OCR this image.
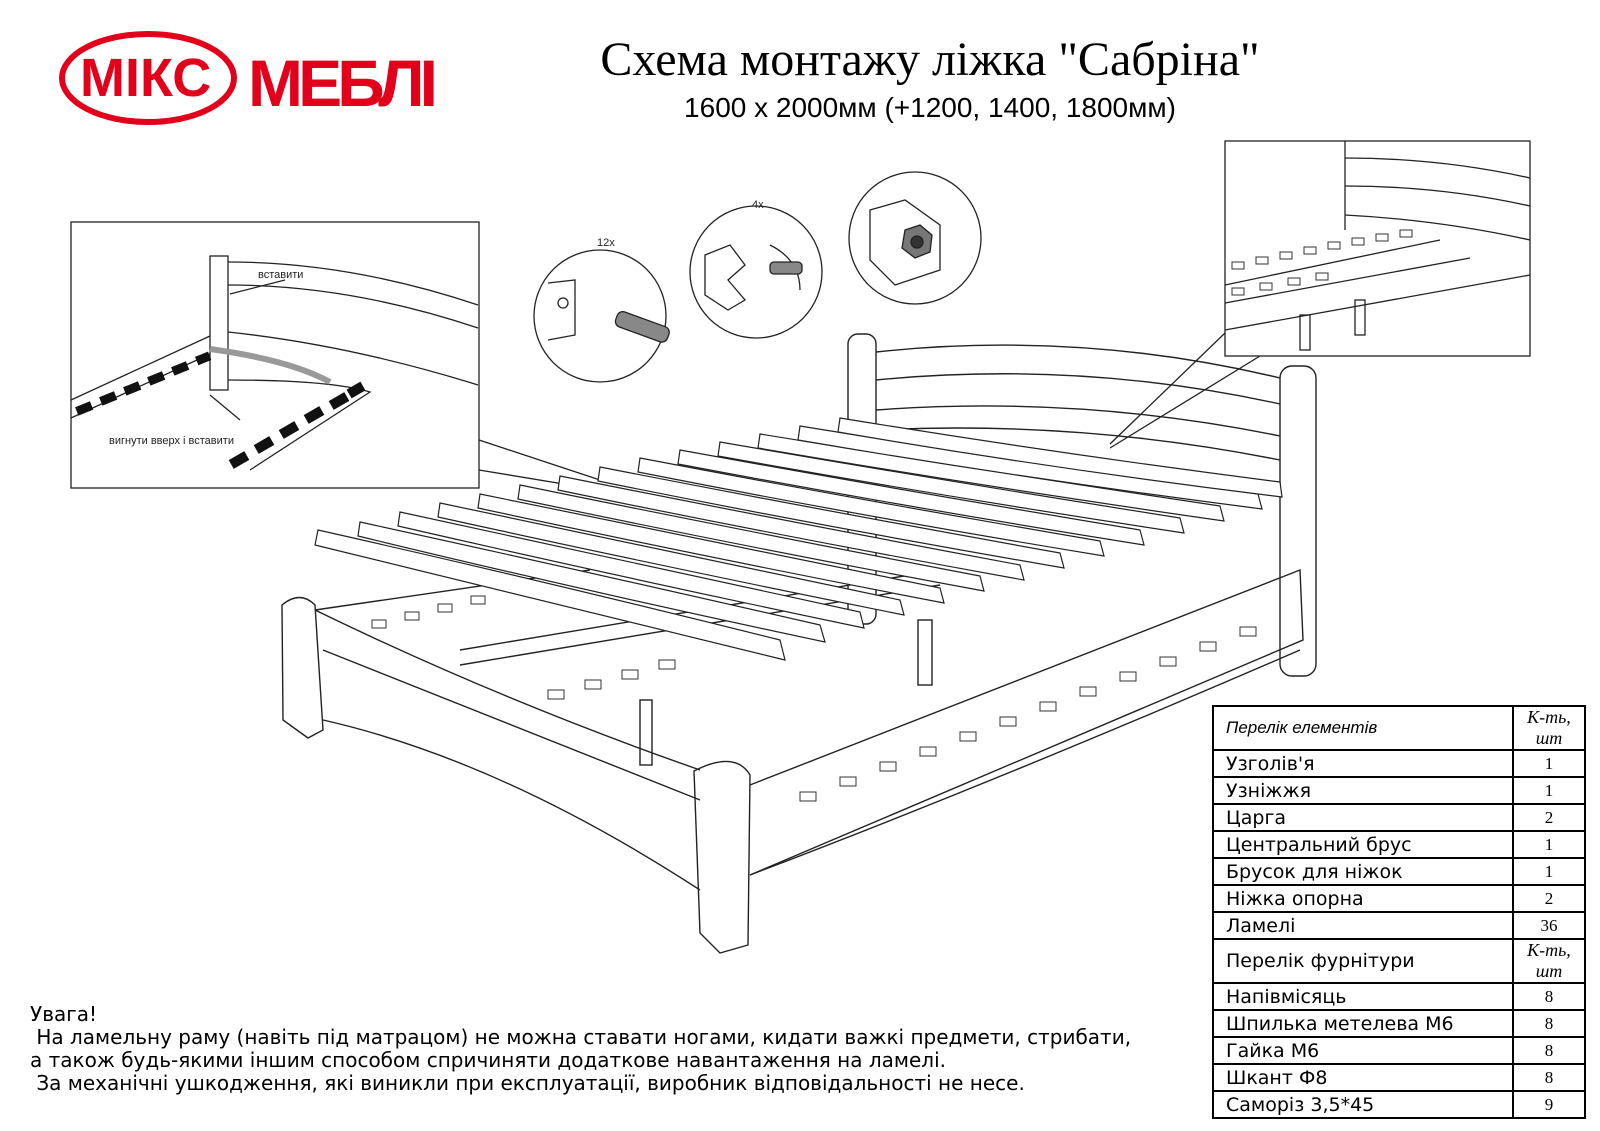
МІКС МЕБЛІ	Схема монтажу ліжка "Сабріна"
1600 х 2000мм (+1200, 1400, 1800мм)
вставити
вигнути вверх і вставити
12x
4x
Увага!
На ламельну раму (навіть під матрацом) не можна ставати ногами, кидати важкі предмети, стрибати,
а також будь-якими іншим способом спричиняти додаткове навантаження на ламелі.
За механічні ушкодження, які виникли при експлуатації, виробник відповідальності не несе.
Перелік елементів	К-ть, шт
Узголів'я	1
Узніжжя	1
Царга	2
Центральний брус	1
Брусок для ніжок	1
Ніжка опорна	2
Ламелі	36
Перелік фурнітури	К-ть, шт
Напівмісяць	8
Шпилька метелева М6	8
Гайка М6	8
Шкант Ф8	8
Саморіз 3,5*45	9
